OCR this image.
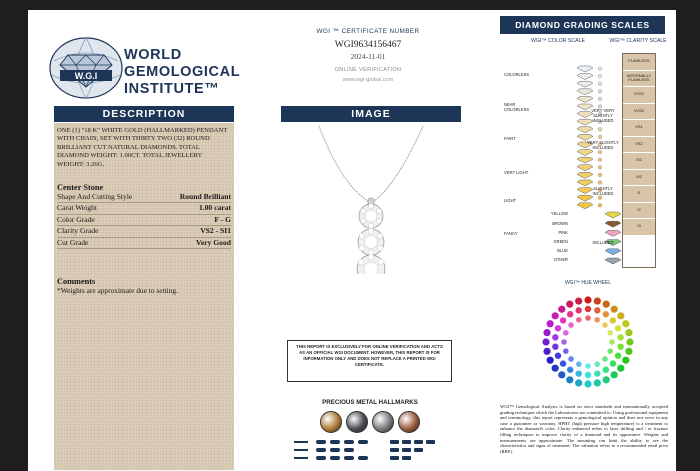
W.G.I
WORLD
GEMOLOGICAL
INSTITUTE™
DESCRIPTION
ONE (1) "18 K" WHITE GOLD (HALLMARKED) PENDANT WITH CHAIN, SET WITH THIRTY TWO (32) ROUND BRILLIANT CUT NATURAL DIAMONDS. TOTAL DIAMOND WEIGHT: 1.00CT. TOTAL JEWELLERY WEIGHT: 3.26G.
Center Stone
Shape And Cutting Style	Round Brilliant
Carat Weight	1.00 carat
Color Grade	F - G
Clarity Grade	VS2 - SI1
Cut Grade	Very Good
Comments
*Weights are approximate due to setting.
WGI ™ CERTIFICATE NUMBER
WGI9634156467
2024-11-01
ONLINE VERIFICATION
www.wgi-global.com
IMAGE
THIS REPORT IS EXCLUSIVELY FOR ONLINE VERIFICATION AND ACTS AS AN OFFICIAL WGI DOCUMENT. HOWEVER, THIS REPORT IS FOR INFORMATION ONLY AND DOES NOT REPLACE A PRINTED WGI CERTIFICATE.
PRECIOUS METAL HALLMARKS
DIAMOND GRADING SCALES
WGI™ COLOR SCALE	WGI™ CLARITY SCALE
COLORLESS
NEAR COLORLESS
FAINT
VERY LIGHT
LIGHT
FANCY
YELLOW
BROWN
PINK
GREEN
BLUE
OTHER
VERY VERY SLIGHTLY INCLUDED
VERY SLIGHTLY INCLUDED
SLIGHTLY INCLUDED
INCLUDED
FLAWLESS
INTERNALLY FLAWLESS
VVS1
VVS2
VS1
VS2
SI1
SI2
I1
I2
I3
WGI™ HUE WHEEL
WGI™ Gemological Analysis is based on strict standards and internationally accepted grading techniques which the Laboratories are committed to. Using professional equipment and terminology, this report represents a gemological opinion and does not serve in any case a guarantee or warranty. HPHT (high pressure high temperature) is a treatment to enhance the diamond's color. Clarity enhanced refers to laser drilling and / or fracture filling techniques to improve clarity of a diamond and its appearance. Weights and measurements are approximate. The mounting can limit the ability to see the characteristics and signs of treatment. The valuation refers to a recommended retail price (RRP).
